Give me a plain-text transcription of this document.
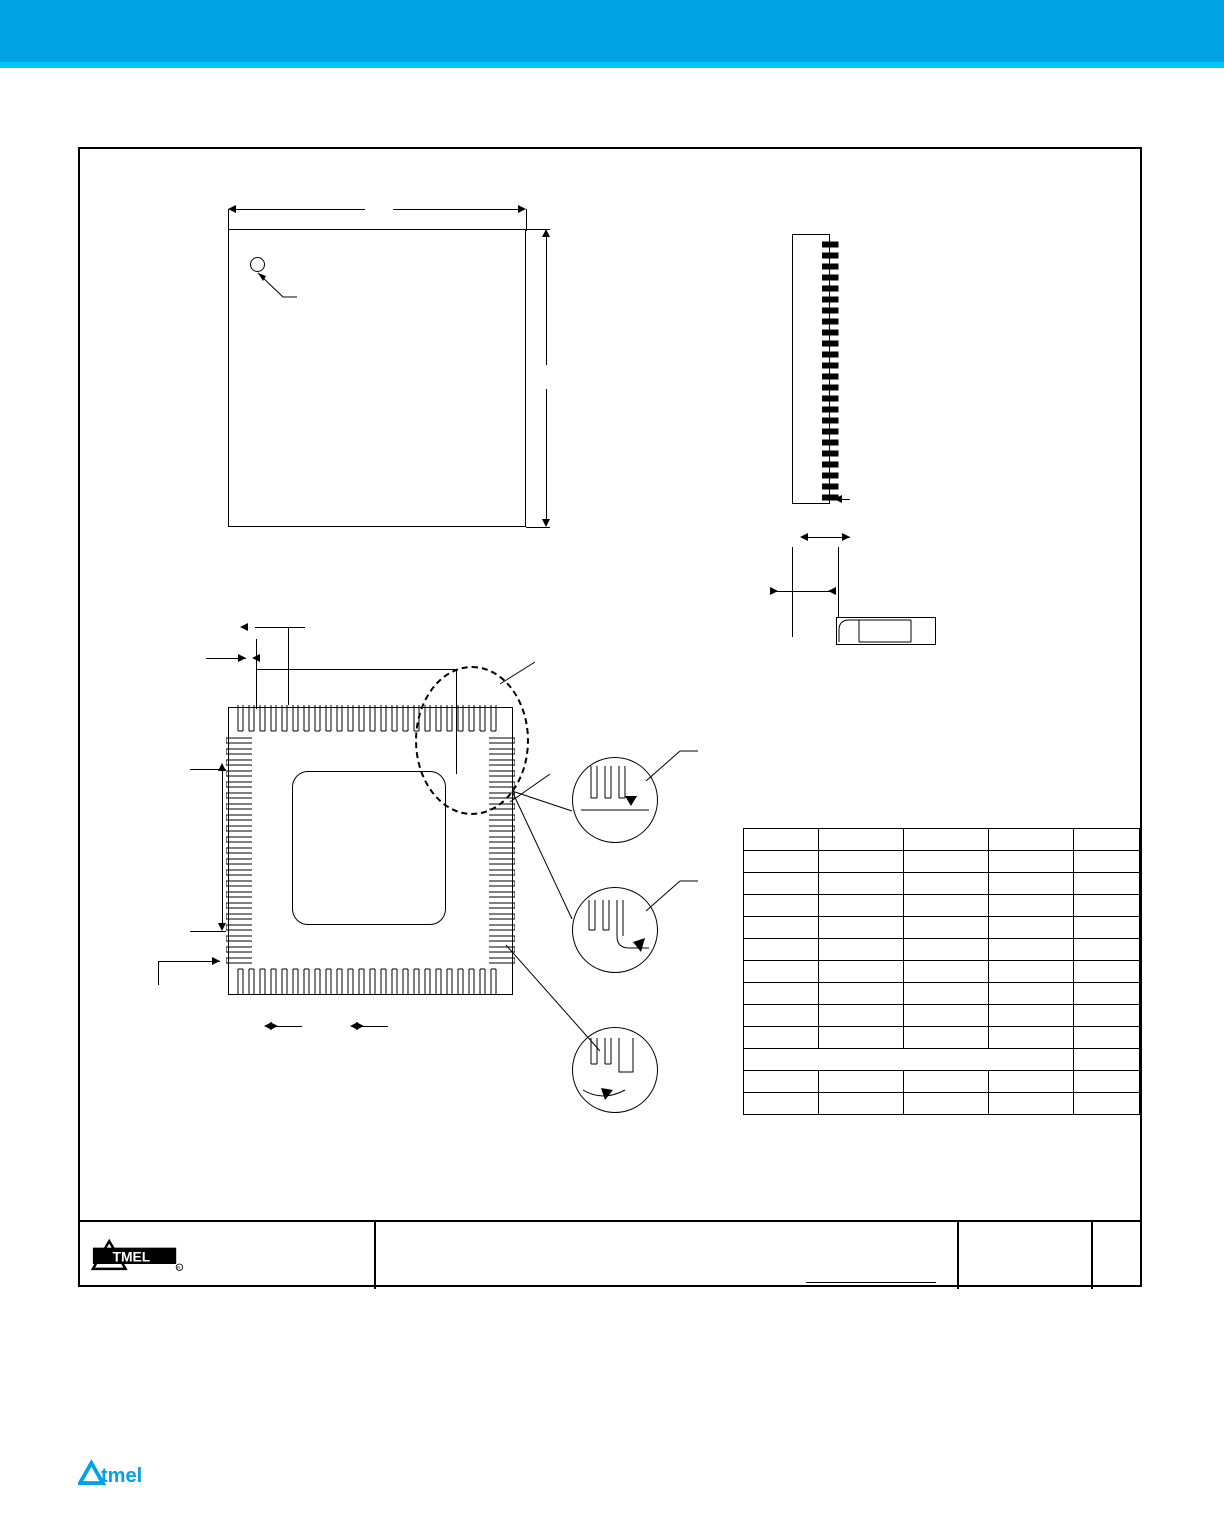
TMEL
R
tmel
